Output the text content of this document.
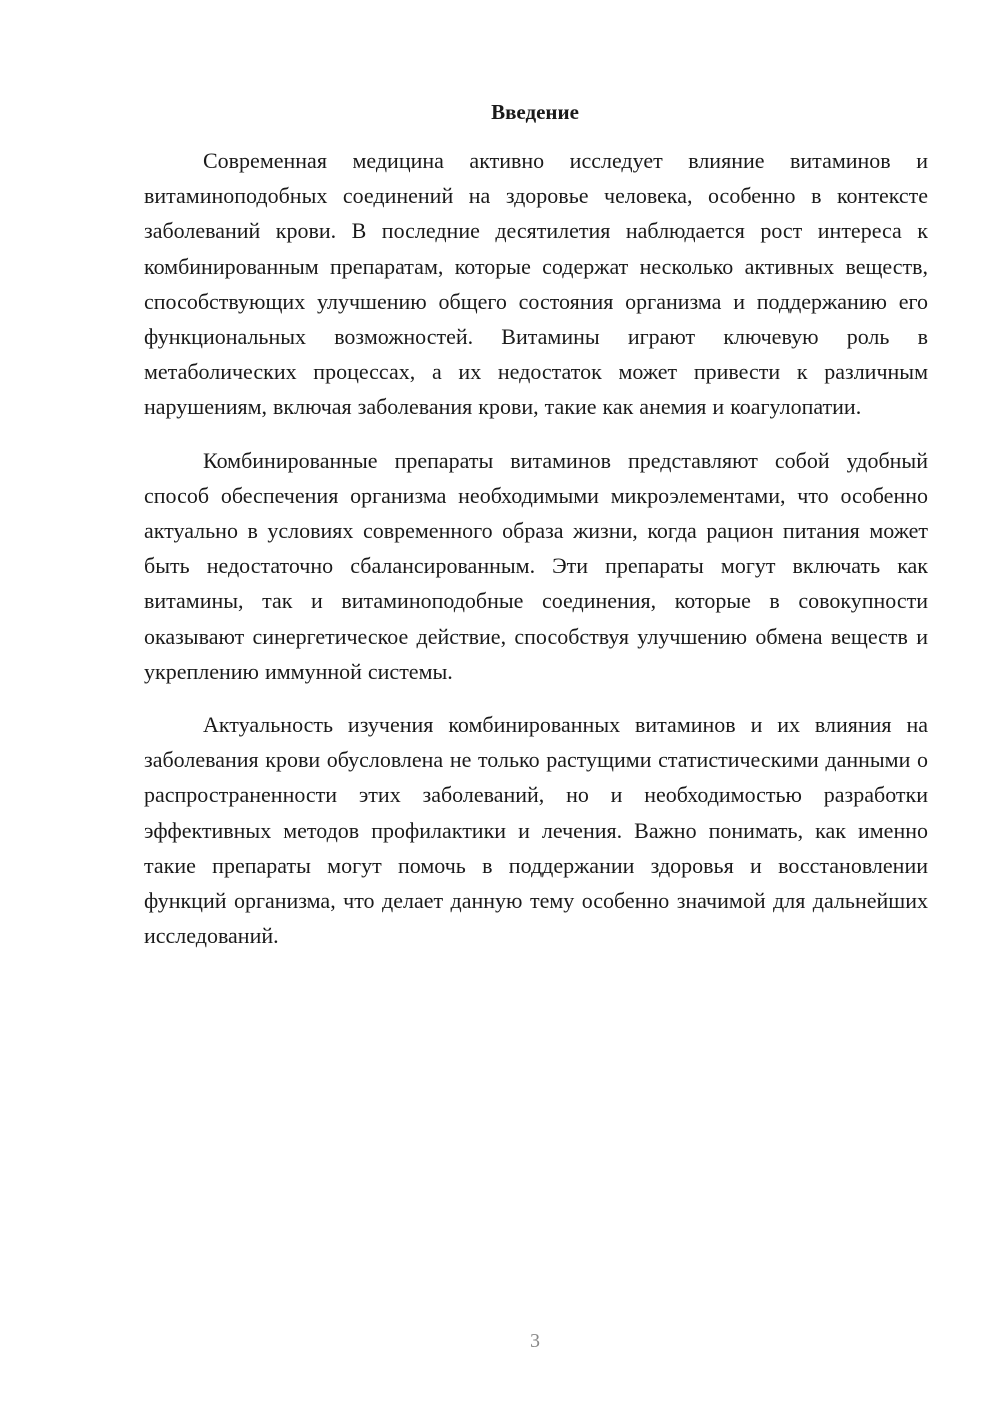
Введение

Современная медицина активно исследует влияние витаминов и витаминоподобных соединений на здоровье человека, особенно в контексте заболеваний крови. В последние десятилетия наблюдается рост интереса к комбинированным препаратам, которые содержат несколько активных веществ, способствующих улучшению общего состояния организма и поддержанию его функциональных возможностей. Витамины играют ключевую роль в метаболических процессах, а их недостаток может привести к различным нарушениям, включая заболевания крови, такие как анемия и коагулопатии.

Комбинированные препараты витаминов представляют собой удобный способ обеспечения организма необходимыми микроэлементами, что особенно актуально в условиях современного образа жизни, когда рацион питания может быть недостаточно сбалансированным. Эти препараты могут включать как витамины, так и витаминоподобные соединения, которые в совокупности оказывают синергетическое действие, способствуя улучшению обмена веществ и укреплению иммунной системы.

Актуальность изучения комбинированных витаминов и их влияния на заболевания крови обусловлена не только растущими статистическими данными о распространенности этих заболеваний, но и необходимостью разработки эффективных методов профилактики и лечения. Важно понимать, как именно такие препараты могут помочь в поддержании здоровья и восстановлении функций организма, что делает данную тему особенно значимой для дальнейших исследований.

3
